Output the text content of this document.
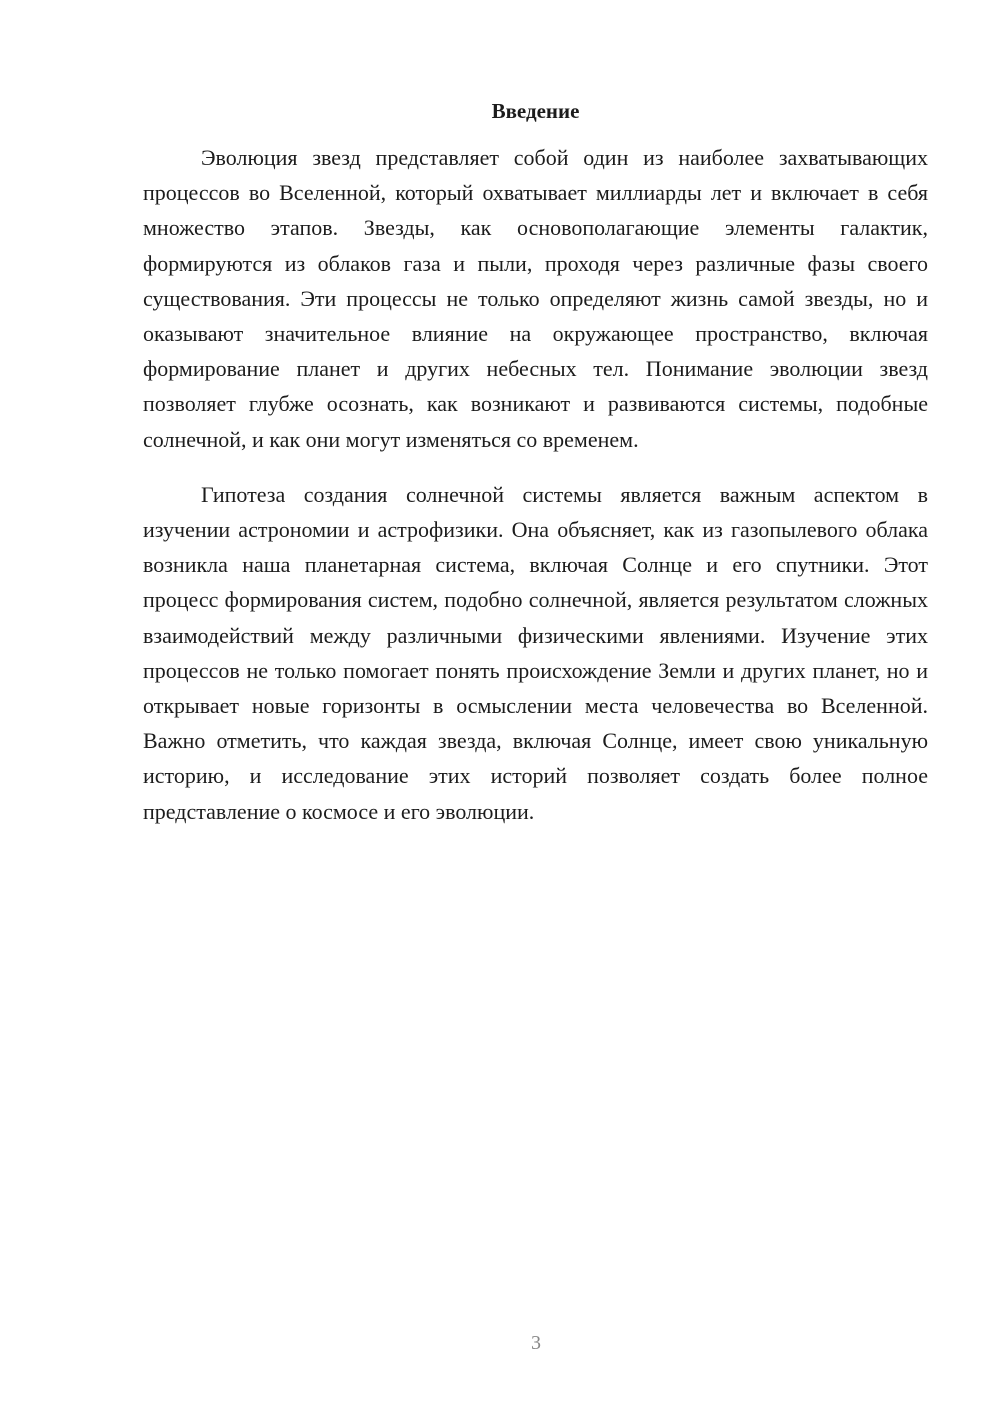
Введение

Эволюция звезд представляет собой один из наиболее захватывающих процессов во Вселенной, который охватывает миллиарды лет и включает в себя множество этапов. Звезды, как основополагающие элементы галактик, формируются из облаков газа и пыли, проходя через различные фазы своего существования. Эти процессы не только определяют жизнь самой звезды, но и оказывают значительное влияние на окружающее пространство, включая формирование планет и других небесных тел. Понимание эволюции звезд позволяет глубже осознать, как возникают и развиваются системы, подобные солнечной, и как они могут изменяться со временем.

Гипотеза создания солнечной системы является важным аспектом в изучении астрономии и астрофизики. Она объясняет, как из газопылевого облака возникла наша планетарная система, включая Солнце и его спутники. Этот процесс формирования систем, подобно солнечной, является результатом сложных взаимодействий между различными физическими явлениями. Изучение этих процессов не только помогает понять происхождение Земли и других планет, но и открывает новые горизонты в осмыслении места человечества во Вселенной. Важно отметить, что каждая звезда, включая Солнце, имеет свою уникальную историю, и исследование этих историй позволяет создать более полное представление о космосе и его эволюции.

3
